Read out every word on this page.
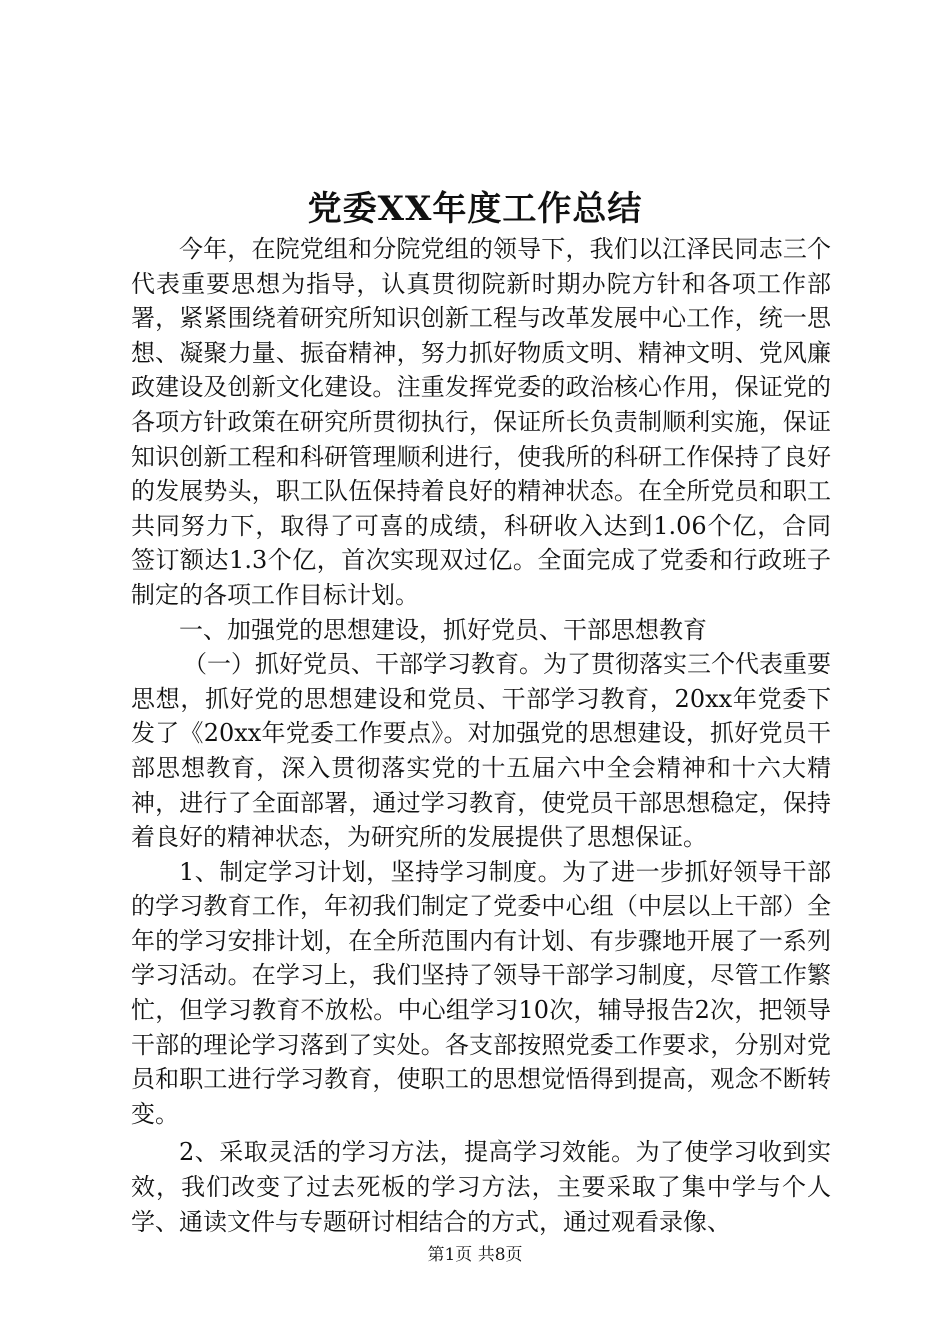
党委XX年度工作总结

今年，在院党组和分院党组的领导下，我们以江泽民同志三个代表重要思想为指导，认真贯彻院新时期办院方针和各项工作部署，紧紧围绕着研究所知识创新工程与改革发展中心工作，统一思想、凝聚力量、振奋精神，努力抓好物质文明、精神文明、党风廉政建设及创新文化建设。注重发挥党委的政治核心作用，保证党的各项方针政策在研究所贯彻执行，保证所长负责制顺利实施，保证知识创新工程和科研管理顺利进行，使我所的科研工作保持了良好的发展势头，职工队伍保持着良好的精神状态。在全所党员和职工共同努力下，取得了可喜的成绩，科研收入达到1.06个亿，合同签订额达1.3个亿，首次实现双过亿。全面完成了党委和行政班子制定的各项工作目标计划。

一、加强党的思想建设，抓好党员、干部思想教育

（一）抓好党员、干部学习教育。为了贯彻落实三个代表重要思想，抓好党的思想建设和党员、干部学习教育，20xx年党委下发了《20xx年党委工作要点》。对加强党的思想建设，抓好党员干部思想教育，深入贯彻落实党的十五届六中全会精神和十六大精神，进行了全面部署，通过学习教育，使党员干部思想稳定，保持着良好的精神状态，为研究所的发展提供了思想保证。

1、制定学习计划，坚持学习制度。为了进一步抓好领导干部的学习教育工作，年初我们制定了党委中心组（中层以上干部）全年的学习安排计划，在全所范围内有计划、有步骤地开展了一系列学习活动。在学习上，我们坚持了领导干部学习制度，尽管工作繁忙，但学习教育不放松。中心组学习10次，辅导报告2次，把领导干部的理论学习落到了实处。各支部按照党委工作要求，分别对党员和职工进行学习教育，使职工的思想觉悟得到提高，观念不断转变。

2、采取灵活的学习方法，提高学习效能。为了使学习收到实效，我们改变了过去死板的学习方法，主要采取了集中学与个人学、通读文件与专题研讨相结合的方式，通过观看录像、

第1页 共8页
